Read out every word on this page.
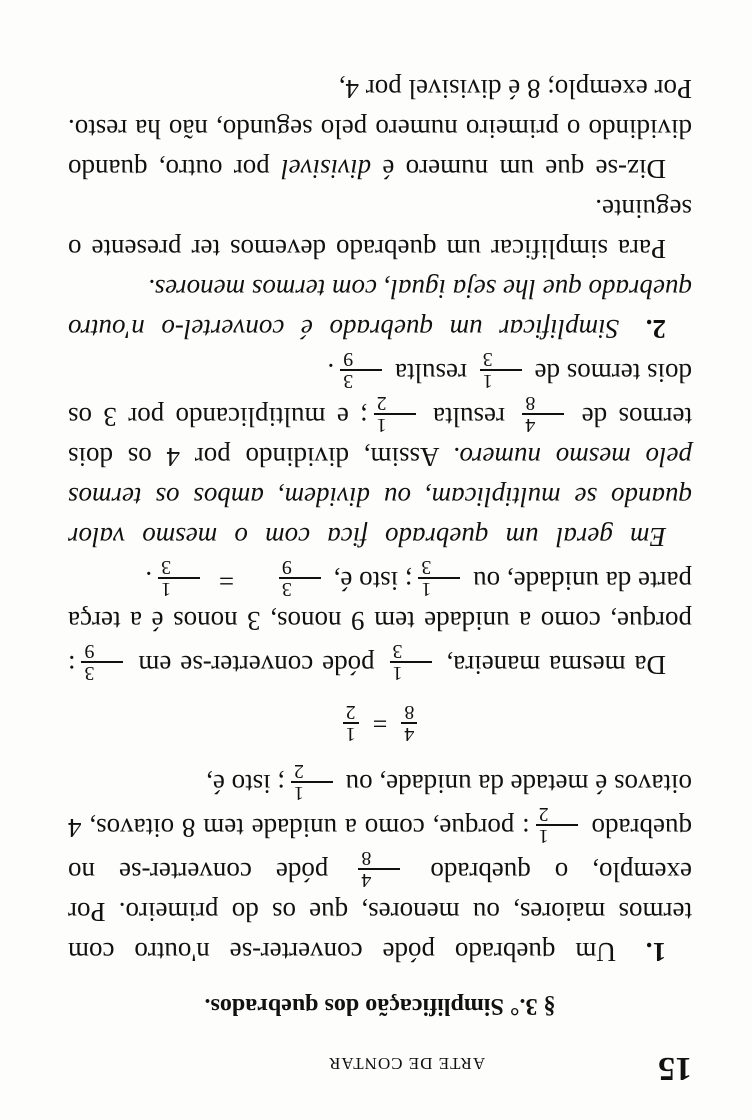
15
ARTE DE CONTAR
§ 3.° Simplificação dos quebrados.

1. Um quebrado póde converter-se n'outro com termos maiores, ou menores, que os do primeiro. Por exemplo, o quebrado
4
8
póde converter-se no quebrado
1
2
: porque, como a unidade tem 8 oitavos, 4 oitavos é metade da unidade, ou
1
2
; isto é,

4
8
=
1
2

Da mesma maneira,
1
3
póde converter-se em
3
9
: porque, como a unidade tem 9 nonos, 3 nonos é a terça parte da unidade, ou
1
3
; isto é,
3
9
=
1
3
.

Em geral um quebrado fica com o mesmo valor quando se multiplicam, ou dividem, ambos os termos pelo mesmo numero. Assim, dividindo por 4 os dois termos de
4
8
resulta
1
2
; e multiplicando por 3 os dois termos de
1
3
resulta
3
9
.

2. Simplificar um quebrado é convertel-o n'outro quebrado que lhe seja igual, com termos menores.

Para simplificar um quebrado devemos ter presente o seguinte.

Diz-se que um numero é divisivel por outro, quando dividindo o primeiro numero pelo segundo, não ha resto. Por exemplo; 8 é divisivel por 4,
